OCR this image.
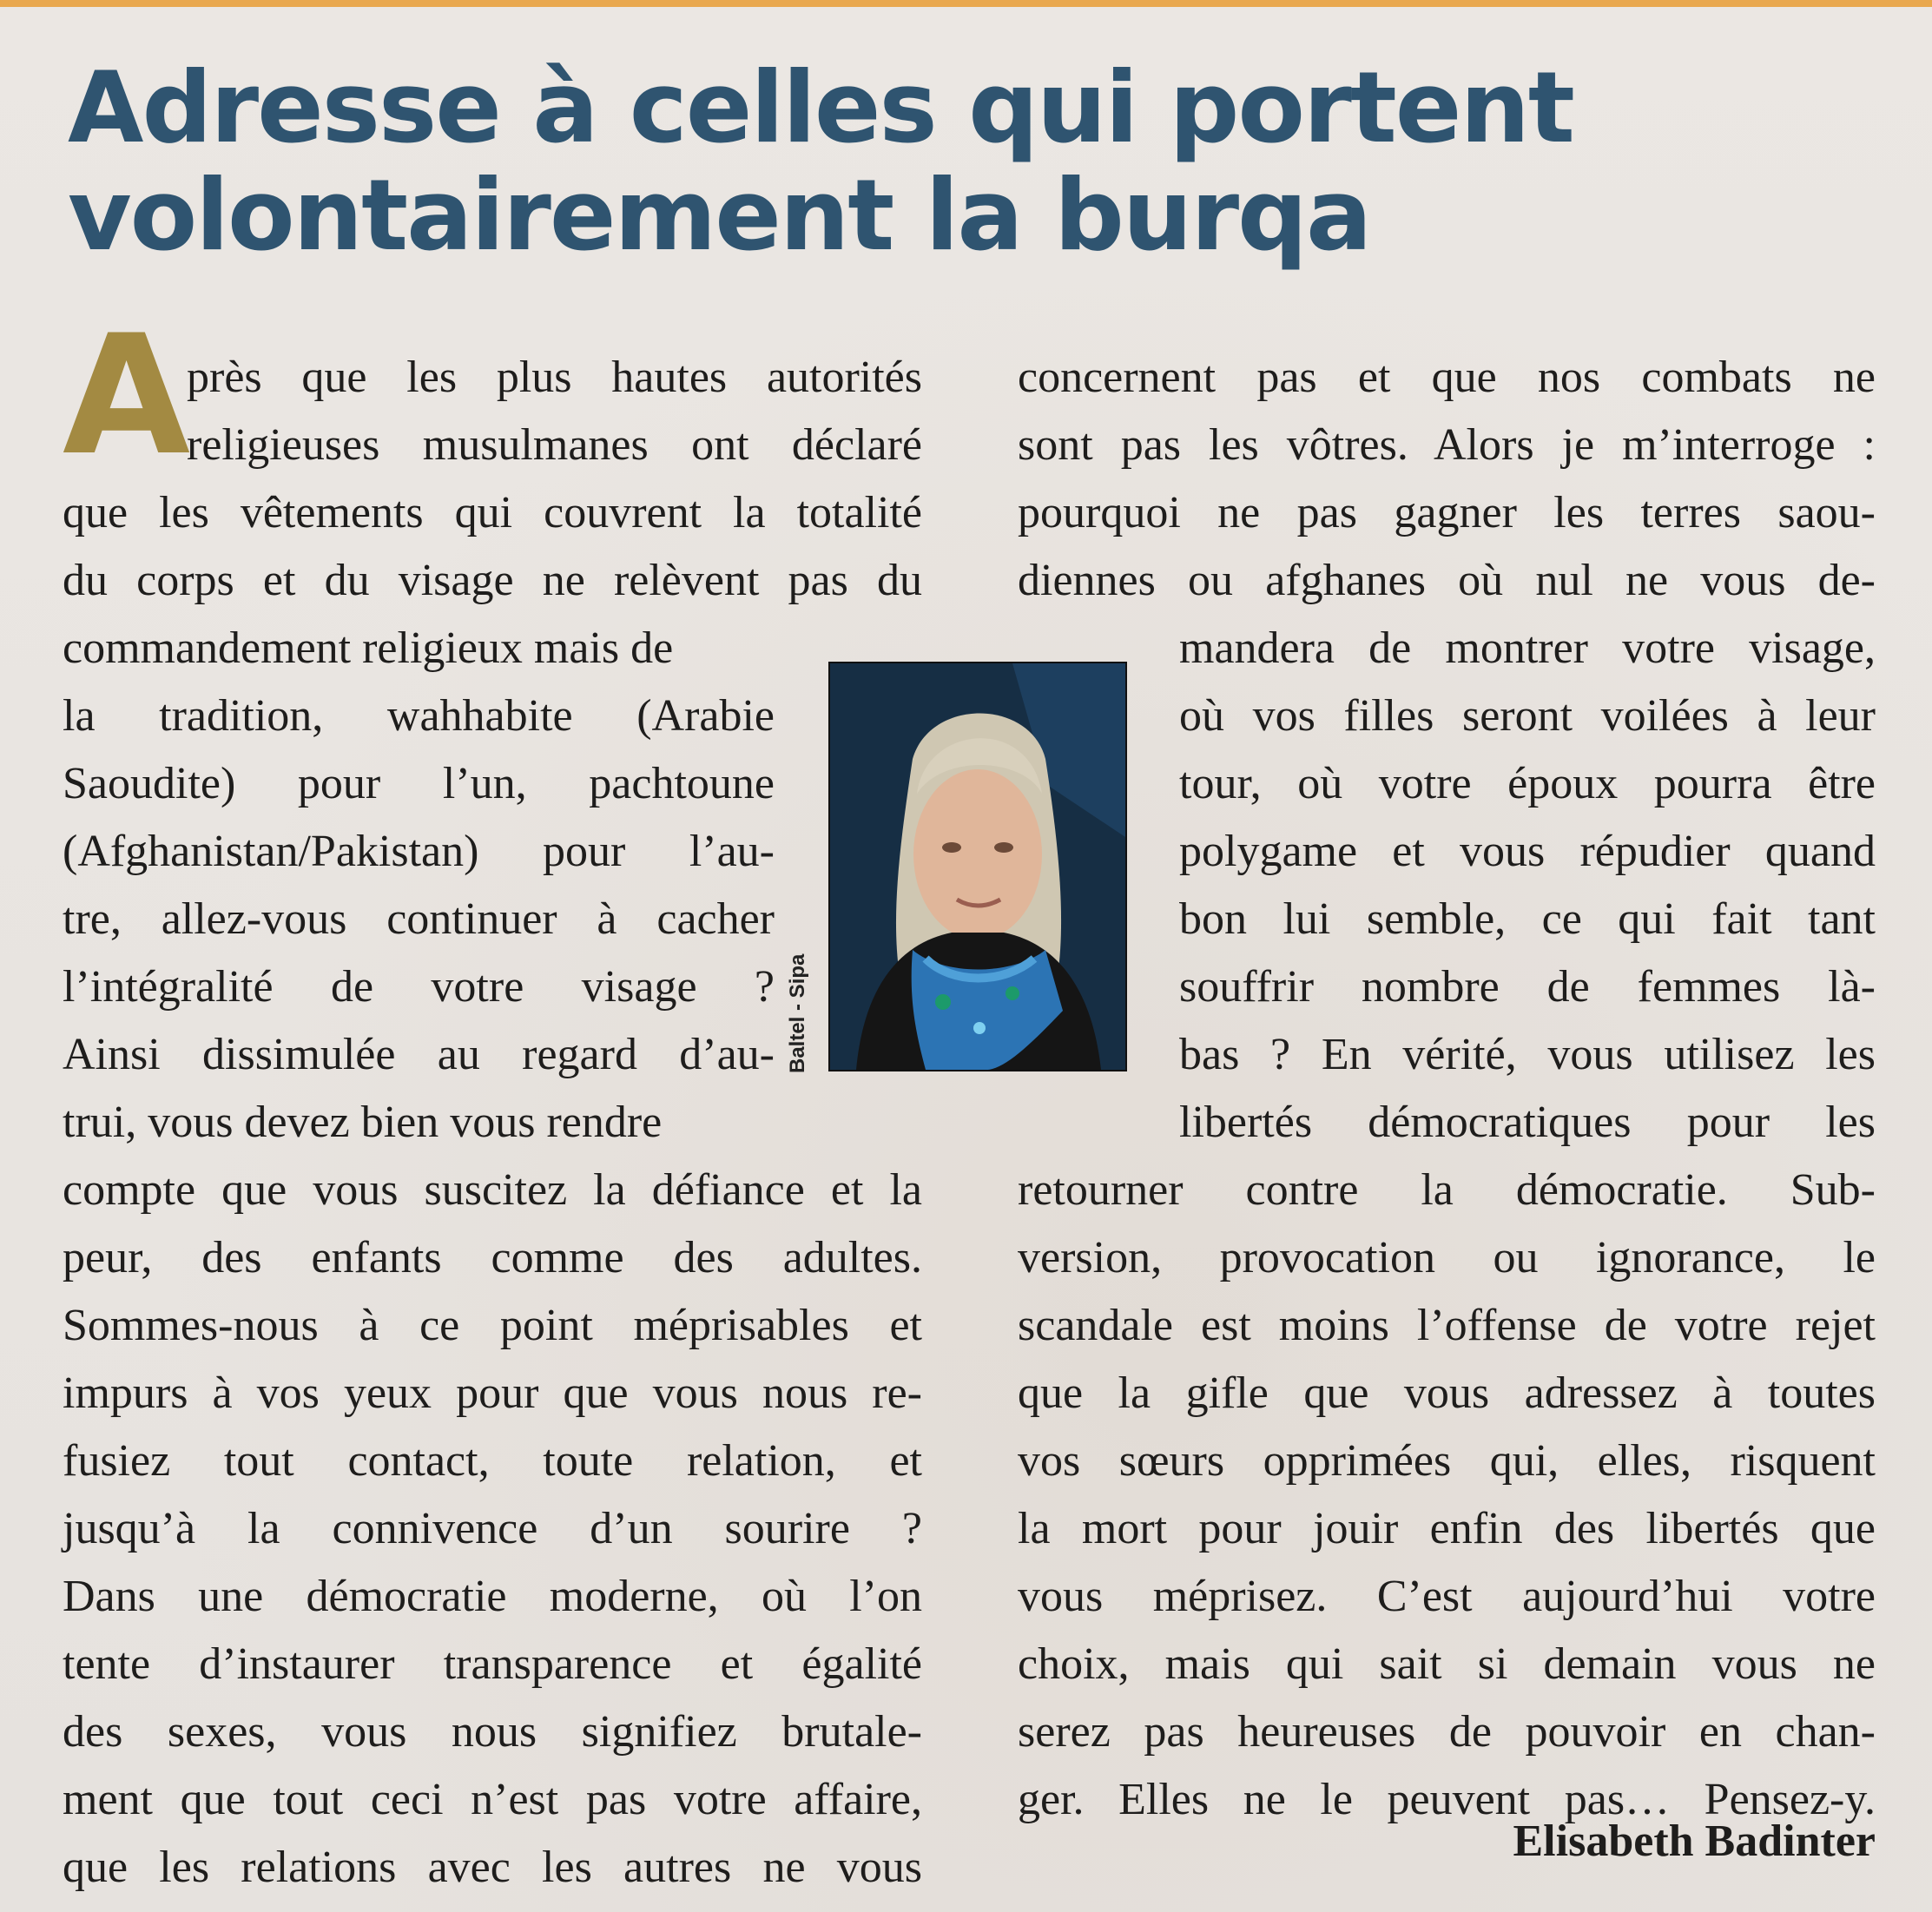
Adresse à celles qui portent
volontairement la burqa

A

près que les plus hautes autorités

religieuses musulmanes ont déclaré

que les vêtements qui couvrent la totalité

du corps et du visage ne relèvent pas du

commandement religieux mais de

la tradition, wahhabite (Arabie

Saoudite) pour l’un, pachtoune

(Afghanistan/Pakistan) pour l’au-

tre, allez-vous continuer à cacher

l’intégralité de votre visage ?

Ainsi dissimulée au regard d’au-

trui, vous devez bien vous rendre

compte que vous suscitez la défiance et la

peur, des enfants comme des adultes.

Sommes-nous à ce point méprisables et

impurs à vos yeux pour que vous nous re-

fusiez tout contact, toute relation, et

jusqu’à la connivence d’un sourire ?

Dans une démocratie moderne, où l’on

tente d’instaurer transparence et égalité

des sexes, vous nous signifiez brutale-

ment que tout ceci n’est pas votre affaire,

que les relations avec les autres ne vous

Baltel - Sipa

concernent pas et que nos combats ne

sont pas les vôtres. Alors je m’interroge :

pourquoi ne pas gagner les terres saou-

diennes ou afghanes où nul ne vous de-

mandera de montrer votre visage,

où vos filles seront voilées à leur

tour, où votre époux pourra être

polygame et vous répudier quand

bon lui semble, ce qui fait tant

souffrir nombre de femmes là-

bas ? En vérité, vous utilisez les

libertés démocratiques pour les

retourner contre la démocratie. Sub-

version, provocation ou ignorance, le

scandale est moins l’offense de votre rejet

que la gifle que vous adressez à toutes

vos sœurs opprimées qui, elles, risquent

la mort pour jouir enfin des libertés que

vous méprisez. C’est aujourd’hui votre

choix, mais qui sait si demain vous ne

serez pas heureuses de pouvoir en chan-

ger. Elles ne le peuvent pas… Pensez-y.

Elisabeth Badinter
